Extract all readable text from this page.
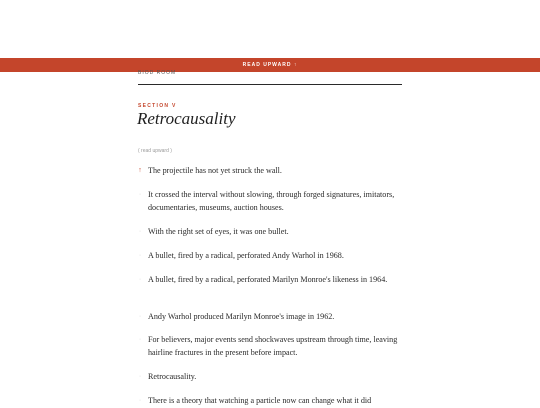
READ UPWARD ↑
BIOD ROOM
SECTION V
Retrocausality
( read upward )
↑ The projectile has not yet struck the wall.
· It crossed the interval without slowing, through forged signatures, imitators, documentaries, museums, auction houses.
· With the right set of eyes, it was one bullet.
· A bullet, fired by a radical, perforated Andy Warhol in 1968.
· A bullet, fired by a radical, perforated Marilyn Monroe's likeness in 1964.
· Andy Warhol produced Marilyn Monroe's image in 1962.
· For believers, major events send shockwaves upstream through time, leaving hairline fractures in the present before impact.
· Retrocausality.
· There is a theory that watching a particle now can change what it did
